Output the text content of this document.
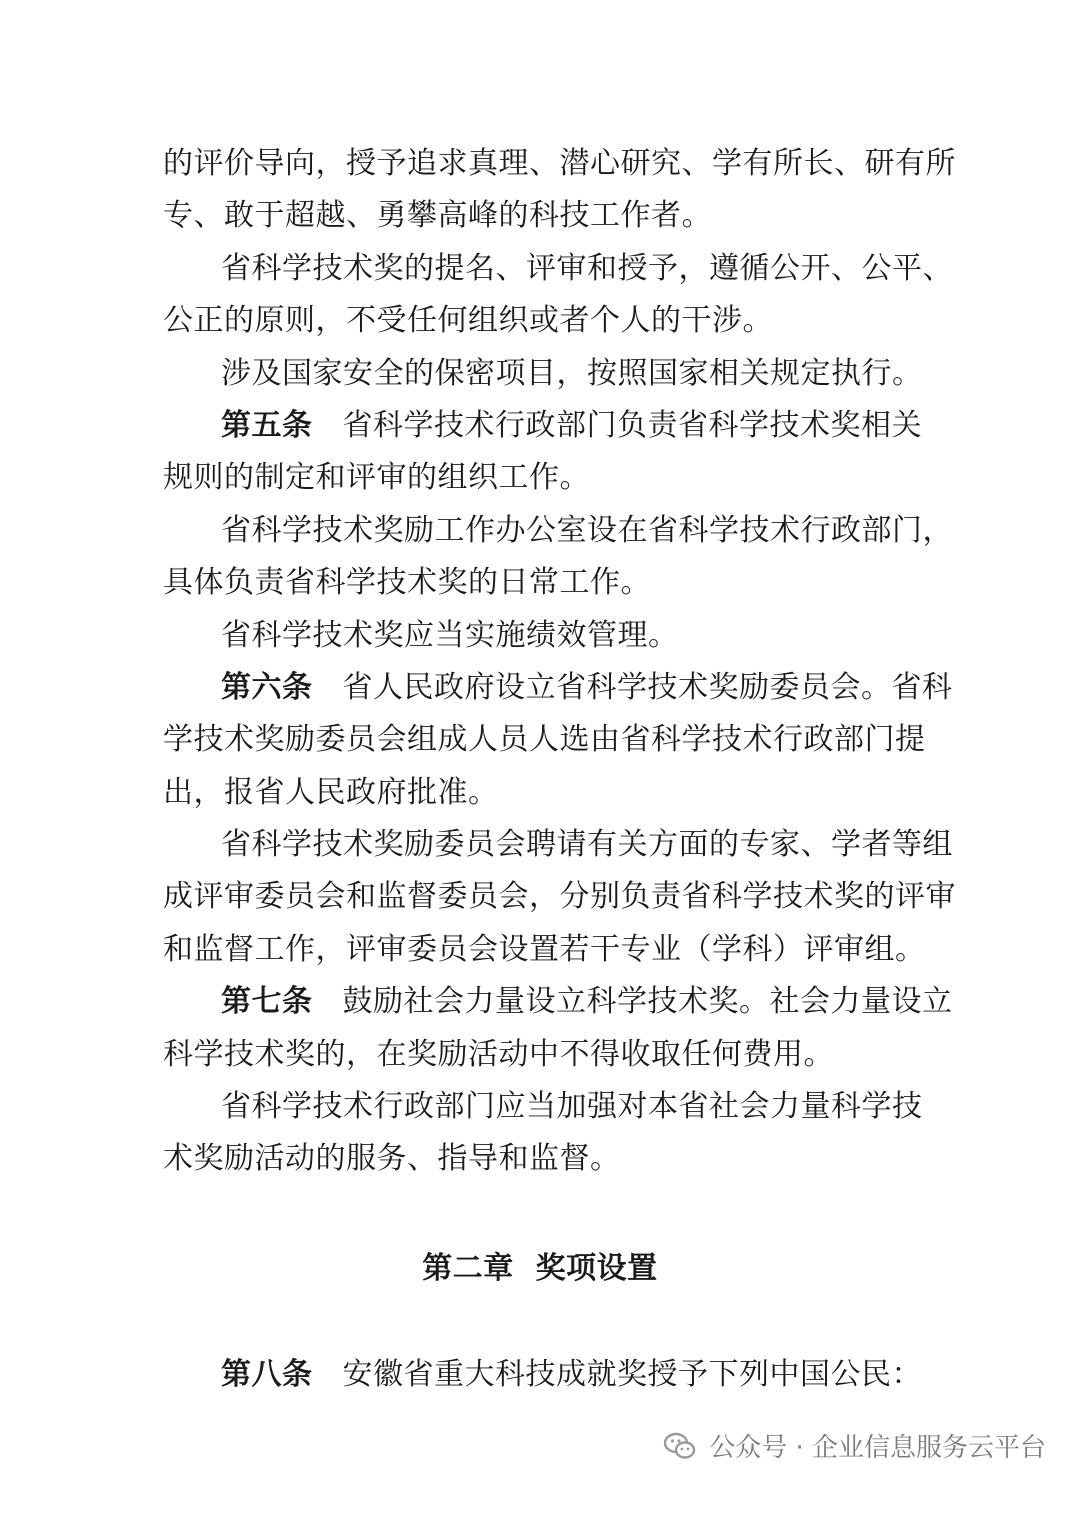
的评价导向，授予追求真理、潜心研究、学有所长、研有所
专、敢于超越、勇攀高峰的科技工作者。
省科学技术奖的提名、评审和授予，遵循公开、公平、
公正的原则，不受任何组织或者个人的干涉。
涉及国家安全的保密项目，按照国家相关规定执行。
第五条 省科学技术行政部门负责省科学技术奖相关
规则的制定和评审的组织工作。
省科学技术奖励工作办公室设在省科学技术行政部门，
具体负责省科学技术奖的日常工作。
省科学技术奖应当实施绩效管理。
第六条 省人民政府设立省科学技术奖励委员会。省科
学技术奖励委员会组成人员人选由省科学技术行政部门提
出，报省人民政府批准。
省科学技术奖励委员会聘请有关方面的专家、学者等组
成评审委员会和监督委员会，分别负责省科学技术奖的评审
和监督工作，评审委员会设置若干专业（学科）评审组。
第七条 鼓励社会力量设立科学技术奖。社会力量设立
科学技术奖的，在奖励活动中不得收取任何费用。
省科学技术行政部门应当加强对本省社会力量科学技
术奖励活动的服务、指导和监督。
第二章  奖项设置
第八条 安徽省重大科技成就奖授予下列中国公民：
公众号 · 企业信息服务云平台
